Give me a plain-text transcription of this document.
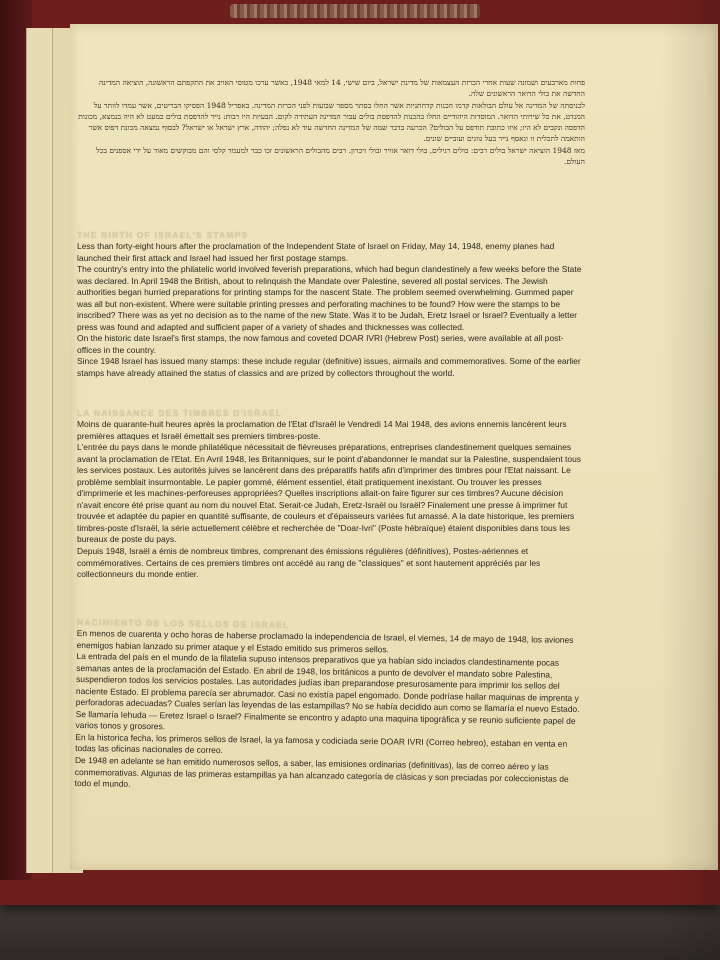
פחות מארבעים ושמונה שעות אחרי הכרזת העצמאות של מדינת ישראל, ביום שישי, 14 למאי 1948, כאשר ערכו מטוסי האויב את התקפתם הראשונה, הוציאה המדינה החדשה את בולי הדואר הראשונים שלה.

לכניסתה של המדינה אל עולם הבולאות קדמו הכנות קדחתניות אשר החלו בסתר מספר שבועות לפני הכרזת המדינה. באפריל 1948 הפסיקו הבריטים, אשר עמדו לוותר על המנדט, את כל שירותי הדואר. המוסדות היהודיים החלו בהכנות להדפסת בולים עבור המדינה העתידה לקום. הבעיות היו רבות: נייר להדפסת בולים כמעט לא היה בנמצא, מכונות הדפסה ונקבים לא היו; איזו כתובת תודפס על הבולים? הכרעה בדבר שמה של המדינה החדשה עוד לא נפלה; יהודה, ארץ ישראל או ישראל? לבסוף נמצאה מכונת דפוס אשר הותאמה לתכלית זו ונאסף נייר בעל גוונים ועוביים שונים.

מאז 1948 הוציאה ישראל בולים רבים: בולים רגילים, בולי דואר אוויר ובולי זיכרון. רבים מהבולים הראשונים זכו כבר למעמד קלסי והם מבוקשים מאוד על ידי אספנים בכל העולם.

THE BIRTH OF ISRAEL'S STAMPS

Less than forty-eight hours after the proclamation of the Independent State of Israel on Friday, May 14, 1948, enemy planes had launched their first attack and Israel had issued her first postage stamps.

The country's entry into the philatelic world involved feverish preparations, which had begun clandestinely a few weeks before the State was declared. In April 1948 the British, about to relinquish the Mandate over Palestine, severed all postal services. The Jewish authorities began hurried preparations for printing stamps for the nascent State. The problem seemed overwhelming. Gummed paper was all but non-existent. Where were suitable printing presses and perforating machines to be found? How were the stamps to be inscribed? There was as yet no decision as to the name of the new State. Was it to be Judah, Eretz Israel or Israel? Eventually a letter press was found and adapted and sufficient paper of a variety of shades and thicknesses was collected.

On the historic date Israel's first stamps, the now famous and coveted DOAR IVRI (Hebrew Post) series, were available at all post-offices in the country.

Since 1948 Israel has issued many stamps: these include regular (definitive) issues, airmails and commemoratives. Some of the earlier stamps have already attained the status of classics and are prized by collectors throughout the world.

LA NAISSANCE DES TIMBRES D'ISRAËL

Moins de quarante-huit heures après la proclamation de l'Etat d'Israël le Vendredi 14 Mai 1948, des avions ennemis lancèrent leurs premières attaques et Israël émettait ses premiers timbres-poste.

L'entrée du pays dans le monde philatélique nécessitait de fiévreuses préparations, entreprises clandestinement quelques semaines avant la proclamation de l'Etat. En Avril 1948, les Britanniques, sur le point d'abandonner le mandat sur la Palestine, suspendaient tous les services postaux. Les autorités juives se lancèrent dans des préparatifs hatifs afin d'imprimer des timbres pour l'Etat naissant. Le problème semblait insurmontable. Le papier gommé, élément essentiel, était pratiquement inexistant. Ou trouver les presses d'imprimerie et les machines-perforeuses appropriées? Quelles inscriptions allait-on faire figurer sur ces timbres? Aucune décision n'avait encore été prise quant au nom du nouvel Etat. Serait-ce Judah, Eretz-Israël ou Israël? Finalement une presse à imprimer fut trouvée et adaptée du papier en quantité suffisante, de couleurs et d'épaisseurs variées fut amassé. A la date historique, les premiers timbres-poste d'Israël, la série actuellement célèbre et recherchée de "Doar-Ivri" (Poste hébraïque) étaient disponibles dans tous les bureaux de poste du pays.

Depuis 1948, Israël a émis de nombreux timbres, comprenant des émissions régulières (définitives), Postes-aériennes et commémoratives. Certains de ces premiers timbres ont accédé au rang de "classiques" et sont hautement appréciés par les collectionneurs du monde entier.

NACIMIENTO DE LOS SELLOS DE ISRAEL

En menos de cuarenta y ocho horas de haberse proclamado la independencia de Israel, el viernes, 14 de mayo de 1948, los aviones enemigos habian lanzado su primer ataque y el Estado emitido sus primeros sellos.

La entrada del país en el mundo de la filatelia supuso intensos preparativos que ya habían sido inciados clandestinamente pocas semanas antes de la proclamación del Estado. En abril de 1948, los británicos a punto de devolver el mandato sobre Palestina, suspendieron todos los servicios postales. Las autoridades judías iban preparandose presurosamente para imprimir los sellos del naciente Estado. El problema parecía ser abrumador. Casi no existía papel engomado. Donde podríase hallar maquinas de imprenta y perforadoras adecuadas? Cuales serían las leyendas de las estampillas? No se había decidido aun como se llamaría el nuevo Estado. Se llamaría Iehuda — Eretez Israel o Israel? Finalmente se encontro y adapto una maquina tipográfica y se reunio suficiente papel de varios tonos y grosores.

En la historica fecha, los primeros sellos de Israel, la ya famosa y codiciada serie DOAR IVRI (Correo hebreo), estaban en venta en todas las oficinas nacionales de correo.

De 1948 en adelante se han emitido numerosos sellos, a saber, las emisiones ordinarias (definitivas), las de correo aéreo y las conmemorativas. Algunas de las primeras estampillas ya han alcanzado categoría de clásicas y son preciadas por coleccionistas de todo el mundo.
